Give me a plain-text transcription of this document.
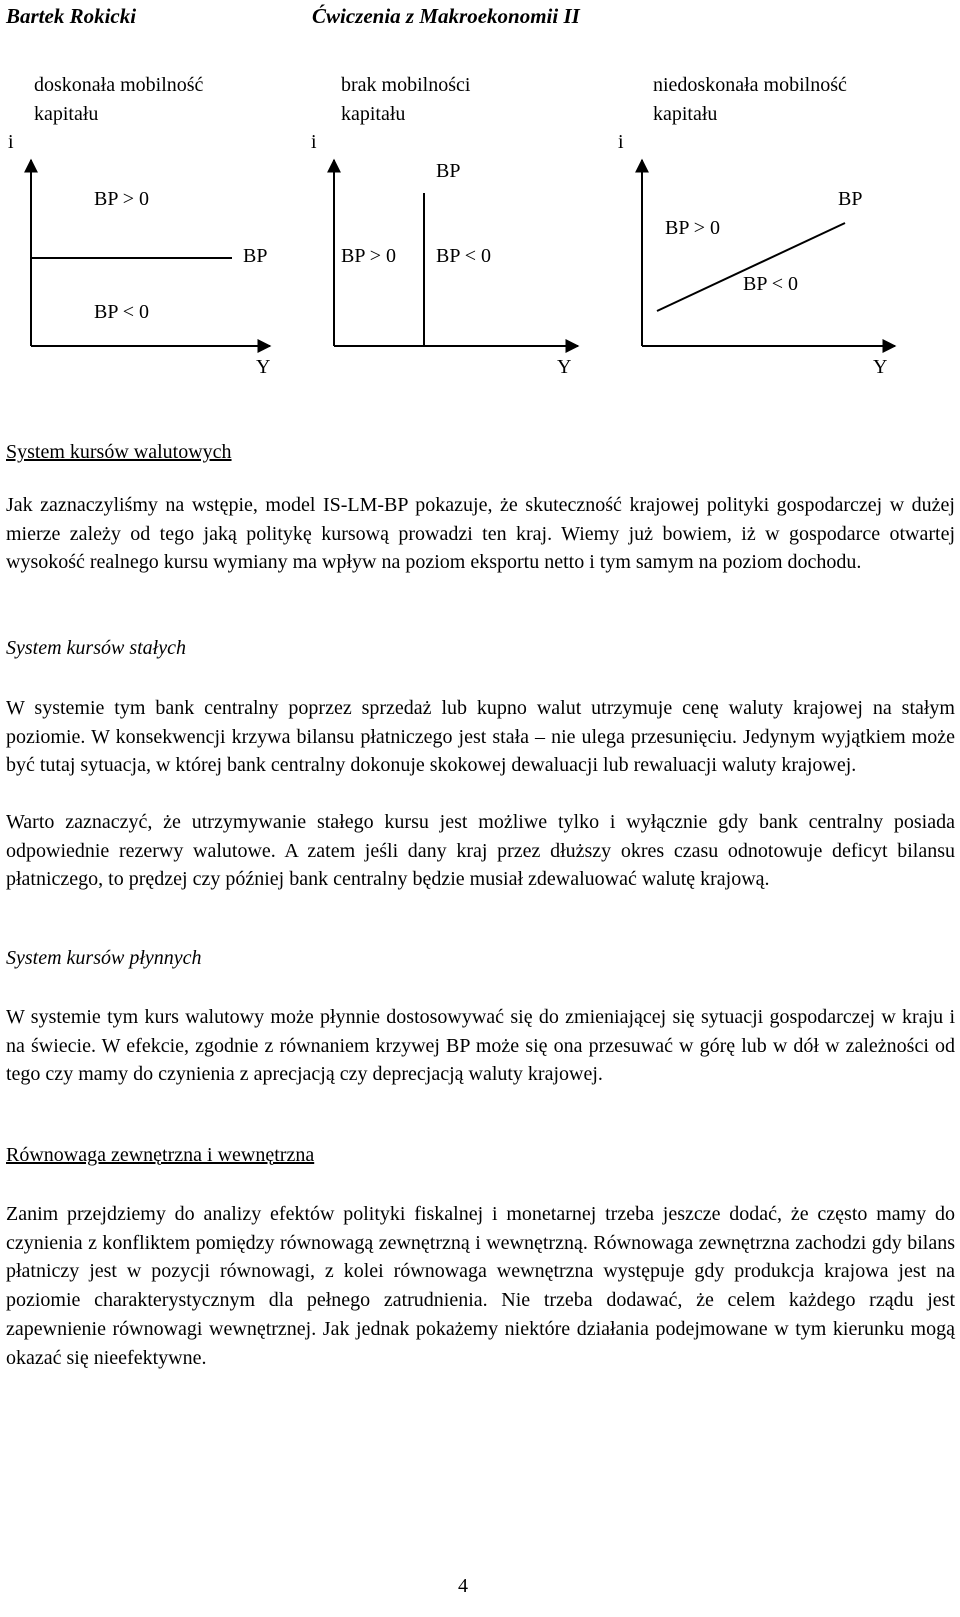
Bartek Rokicki	Ćwiczenia z Makroekonomii II
doskonała mobilność
kapitału
i
BP > 0
BP
BP < 0
Y
brak mobilności
kapitału
i
BP
BP > 0 BP < 0
Y
niedoskonała mobilność
kapitału
i
BP
BP > 0
BP < 0
Y
System kursów walutowych
Jak zaznaczyliśmy na wstępie, model IS-LM-BP pokazuje, że skuteczność krajowej polityki gospodarczej w dużej mierze zależy od tego jaką politykę kursową prowadzi ten kraj. Wiemy już bowiem, iż w gospodarce otwartej wysokość realnego kursu wymiany ma wpływ na poziom eksportu netto i tym samym na poziom dochodu.
System kursów stałych
W systemie tym bank centralny poprzez sprzedaż lub kupno walut utrzymuje cenę waluty krajowej na stałym poziomie. W konsekwencji krzywa bilansu płatniczego jest stała – nie ulega przesunięciu. Jedynym wyjątkiem może być tutaj sytuacja, w której bank centralny dokonuje skokowej dewaluacji lub rewaluacji waluty krajowej.
Warto zaznaczyć, że utrzymywanie stałego kursu jest możliwe tylko i wyłącznie gdy bank centralny posiada odpowiednie rezerwy walutowe. A zatem jeśli dany kraj przez dłuższy okres czasu odnotowuje deficyt bilansu płatniczego, to prędzej czy później bank centralny będzie musiał zdewaluować walutę krajową.
System kursów płynnych
W systemie tym kurs walutowy może płynnie dostosowywać się do zmieniającej się sytuacji gospodarczej w kraju i na świecie. W efekcie, zgodnie z równaniem krzywej BP może się ona przesuwać w górę lub w dół w zależności od tego czy mamy do czynienia z aprecjacją czy deprecjacją waluty krajowej.
Równowaga zewnętrzna i wewnętrzna
Zanim przejdziemy do analizy efektów polityki fiskalnej i monetarnej trzeba jeszcze dodać, że często mamy do czynienia z konfliktem pomiędzy równowagą zewnętrzną i wewnętrzną. Równowaga zewnętrzna zachodzi gdy bilans płatniczy jest w pozycji równowagi, z kolei równowaga wewnętrzna występuje gdy produkcja krajowa jest na poziomie charakterystycznym dla pełnego zatrudnienia. Nie trzeba dodawać, że celem każdego rządu jest zapewnienie równowagi wewnętrznej. Jak jednak pokażemy niektóre działania podejmowane w tym kierunku mogą okazać się nieefektywne.
4
